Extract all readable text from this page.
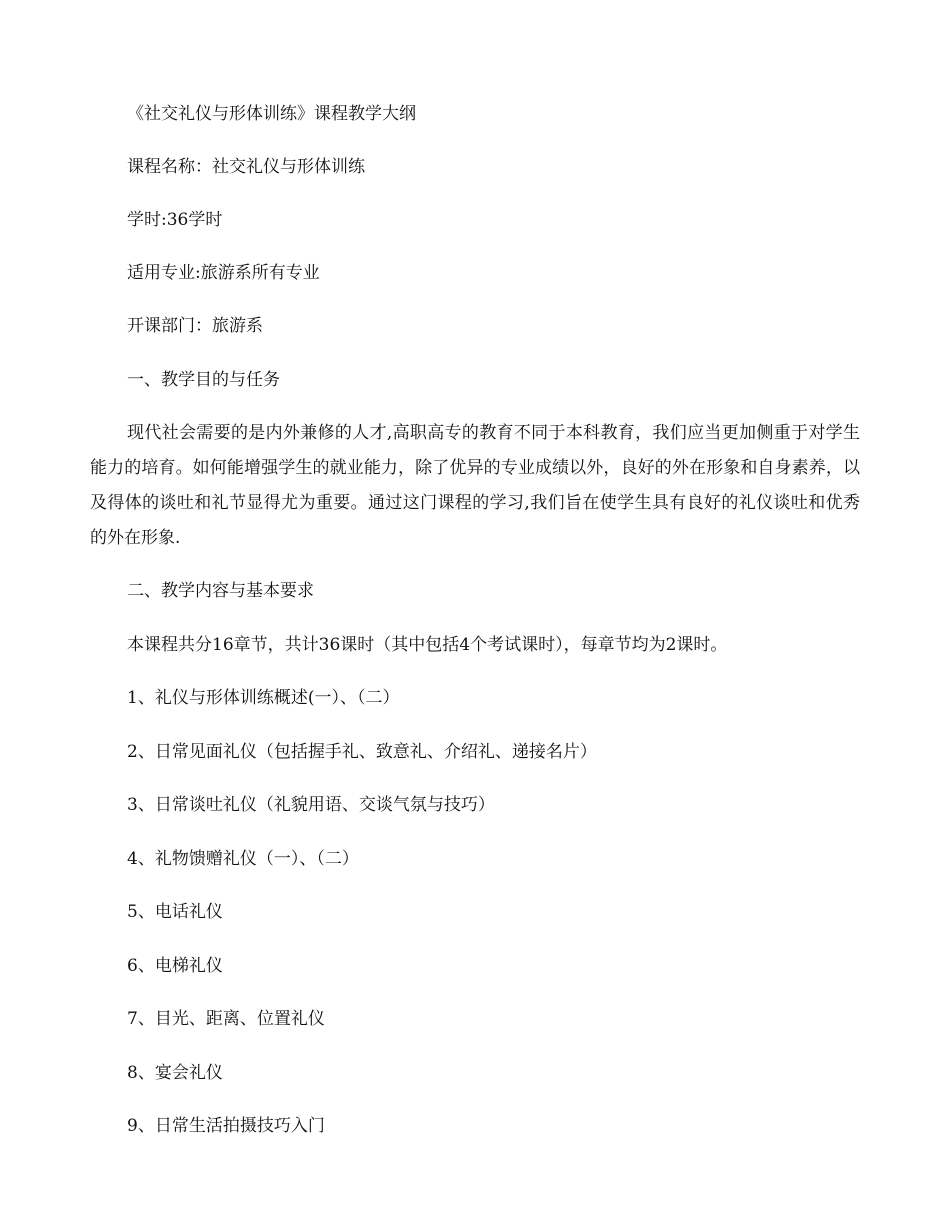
《社交礼仪与形体训练》课程教学大纲
课程名称：社交礼仪与形体训练
学时:36学时
适用专业:旅游系所有专业
开课部门：旅游系
一、教学目的与任务

现代社会需要的是内外兼修的人才,高职高专的教育不同于本科教育，我们应当更加侧重于对学生能力的培育。如何能增强学生的就业能力，除了优异的专业成绩以外，良好的外在形象和自身素养，以及得体的谈吐和礼节显得尤为重要。通过这门课程的学习,我们旨在使学生具有良好的礼仪谈吐和优秀的外在形象.

二、教学内容与基本要求
本课程共分16章节，共计36课时（其中包括4个考试课时），每章节均为2课时。
1、礼仪与形体训练概述(一）、（二）
2、日常见面礼仪（包括握手礼、致意礼、介绍礼、递接名片）
3、日常谈吐礼仪（礼貌用语、交谈气氛与技巧）
4、礼物馈赠礼仪（一）、（二）
5、电话礼仪
6、电梯礼仪
7、目光、距离、位置礼仪
8、宴会礼仪
9、日常生活拍摄技巧入门
